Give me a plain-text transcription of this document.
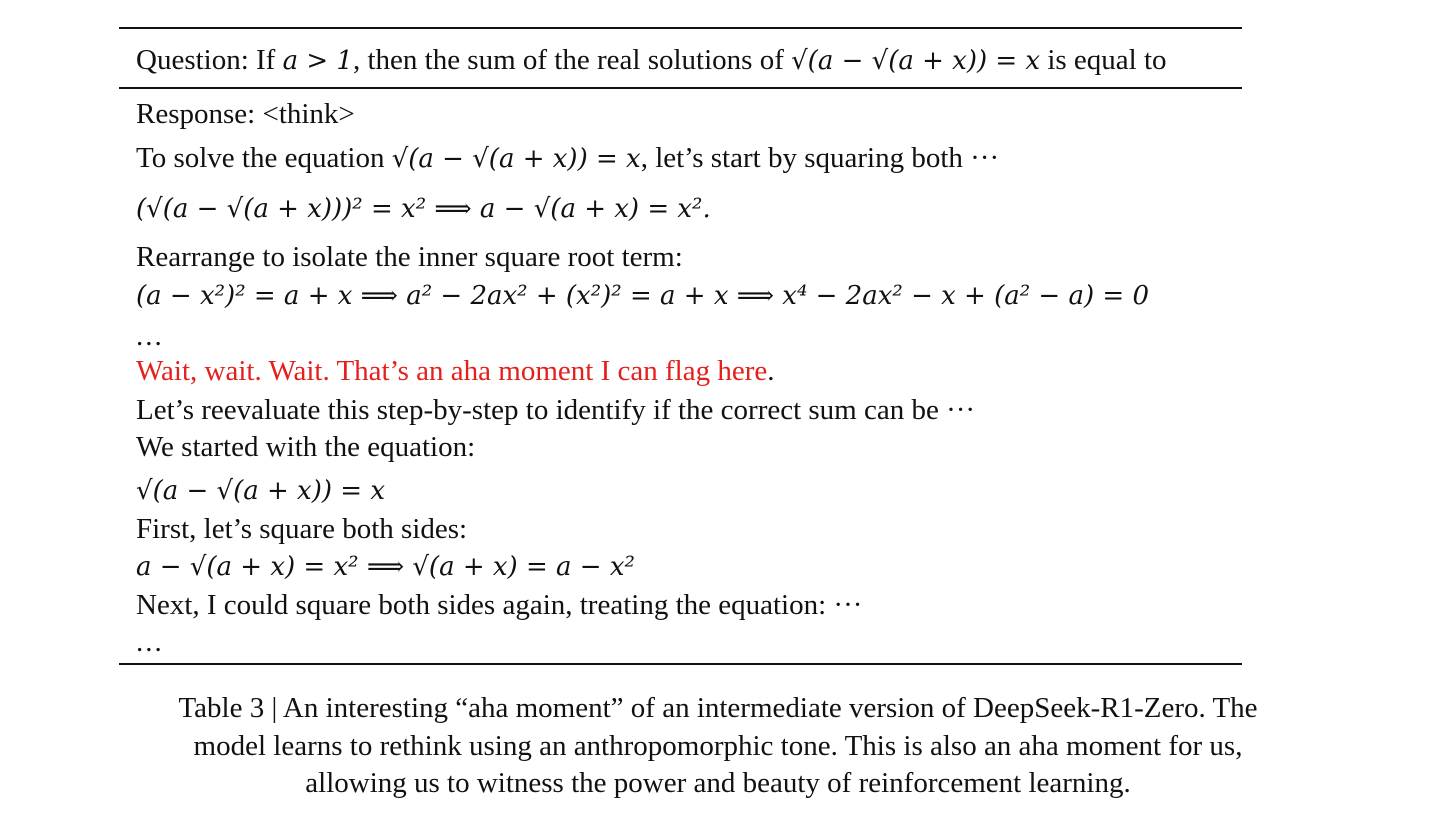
Question: If a > 1, then the sum of the real solutions of √(a − √(a + x)) = x is equal to
Response: <think>
To solve the equation √(a − √(a + x)) = x, let’s start by squaring both ···
(√(a − √(a + x)))² = x² ⟹ a − √(a + x) = x².
Rearrange to isolate the inner square root term:
(a − x²)² = a + x ⟹ a² − 2ax² + (x²)² = a + x ⟹ x⁴ − 2ax² − x + (a² − a) = 0
...
Wait, wait. Wait. That’s an aha moment I can flag here.
Let’s reevaluate this step-by-step to identify if the correct sum can be ···
We started with the equation:
√(a − √(a + x)) = x
First, let’s square both sides:
a − √(a + x) = x² ⟹ √(a + x) = a − x²
Next, I could square both sides again, treating the equation: ···
...
Table 3 | An interesting “aha moment” of an intermediate version of DeepSeek-R1-Zero. The
model learns to rethink using an anthropomorphic tone. This is also an aha moment for us,
allowing us to witness the power and beauty of reinforcement learning.
